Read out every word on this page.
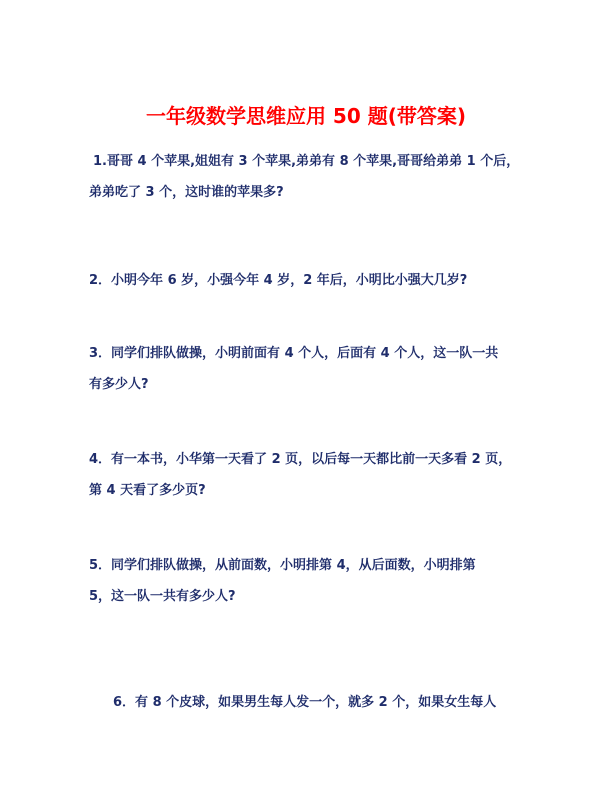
一年级数学思维应用 50 题(带答案)

1.哥哥 4 个苹果,姐姐有 3 个苹果,弟弟有 8 个苹果,哥哥给弟弟 1 个后，
弟弟吃了 3 个，这时谁的苹果多?

2．小明今年 6 岁，小强今年 4 岁，2 年后，小明比小强大几岁?

3．同学们排队做操，小明前面有 4 个人，后面有 4 个人，这一队一共
有多少人?

4．有一本书，小华第一天看了 2 页，以后每一天都比前一天多看 2 页，
第 4 天看了多少页?

5．同学们排队做操，从前面数，小明排第 4，从后面数，小明排第
5，这一队一共有多少人?

6．有 8 个皮球，如果男生每人发一个，就多 2 个，如果女生每人
